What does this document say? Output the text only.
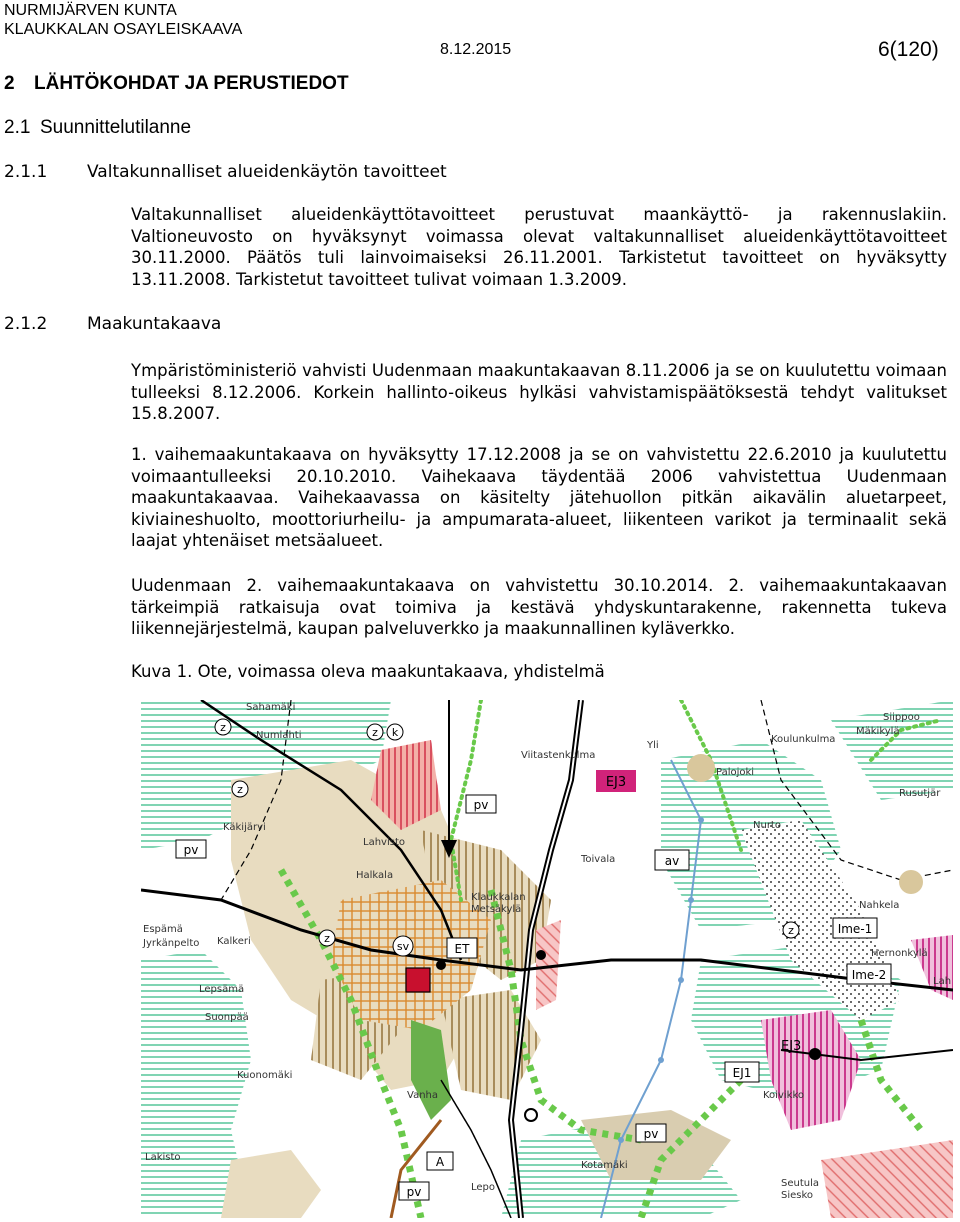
NURMIJÄRVEN KUNTA
KLAUKKALAN OSAYLEISKAAVA
8.12.2015	6(120)
2 LÄHTÖKOHDAT JA PERUSTIEDOT
2.1 Suunnittelutilanne
2.1.1 Valtakunnalliset alueidenkäytön tavoitteet

Valtakunnalliset alueidenkäyttötavoitteet perustuvat maankäyttö- ja rakennuslakiin. Valtioneuvosto on hyväksynyt voimassa olevat valtakunnalliset alueidenkäyttötavoitteet 30.11.2000. Päätös tuli lainvoimaiseksi 26.11.2001. Tarkistetut tavoitteet on hyväksytty 13.11.2008. Tarkistetut tavoitteet tulivat voimaan 1.3.2009.

2.1.2 Maakuntakaava

Ympäristöministeriö vahvisti Uudenmaan maakuntakaavan 8.11.2006 ja se on kuulutettu voimaan tulleeksi 8.12.2006. Korkein hallinto-oikeus hylkäsi vahvistamispäätöksestä tehdyt valitukset 15.8.2007.

1. vaihemaakuntakaava on hyväksytty 17.12.2008 ja se on vahvistettu 22.6.2010 ja kuulutettu voimaantulleeksi 20.10.2010. Vaihekaava täydentää 2006 vahvistettua Uudenmaan maakuntakaavaa. Vaihekaavassa on käsitelty jätehuollon pitkän aikavälin aluetarpeet, kiviaineshuolto, moottoriurheilu- ja ampumarata-alueet, liikenteen varikot ja terminaalit sekä laajat yhtenäiset metsäalueet.

Uudenmaan 2. vaihemaakuntakaava on vahvistettu 30.10.2014. 2. vaihemaakuntakaavan tärkeimpiä ratkaisuja ovat toimiva ja kestävä yhdyskuntarakenne, rakennetta tukeva liikennejärjestelmä, kaupan palveluverkko ja maakunnallinen kyläverkko.

Kuva 1. Ote, voimassa oleva maakuntakaava, yhdistelmä
EJ3
EJ3
EJ1
Ime-1
Ime-2
av
pv
pv
pv
pv
A
ET
sv
z
z
z k
z
z
Sahamäki
Numlahti
Viitastenkulma
Mäkikylä
Siippoo
Koulunkulma
Palojoki
Rusutjär
Nurto
Käkijärvi
Lahvisto
Toivala
Halkala
Klaukkalan
Metsäkylä
Espämä
Jyrkänpelto Kalkeri
Lepsämä
Suonpää
Kuonomäki
Vanha	Koivikko
Nahkela
Hernonkylä
Kotamäki
Seutula
Siesko
Lakisto
Lepo
Lah
Yli
